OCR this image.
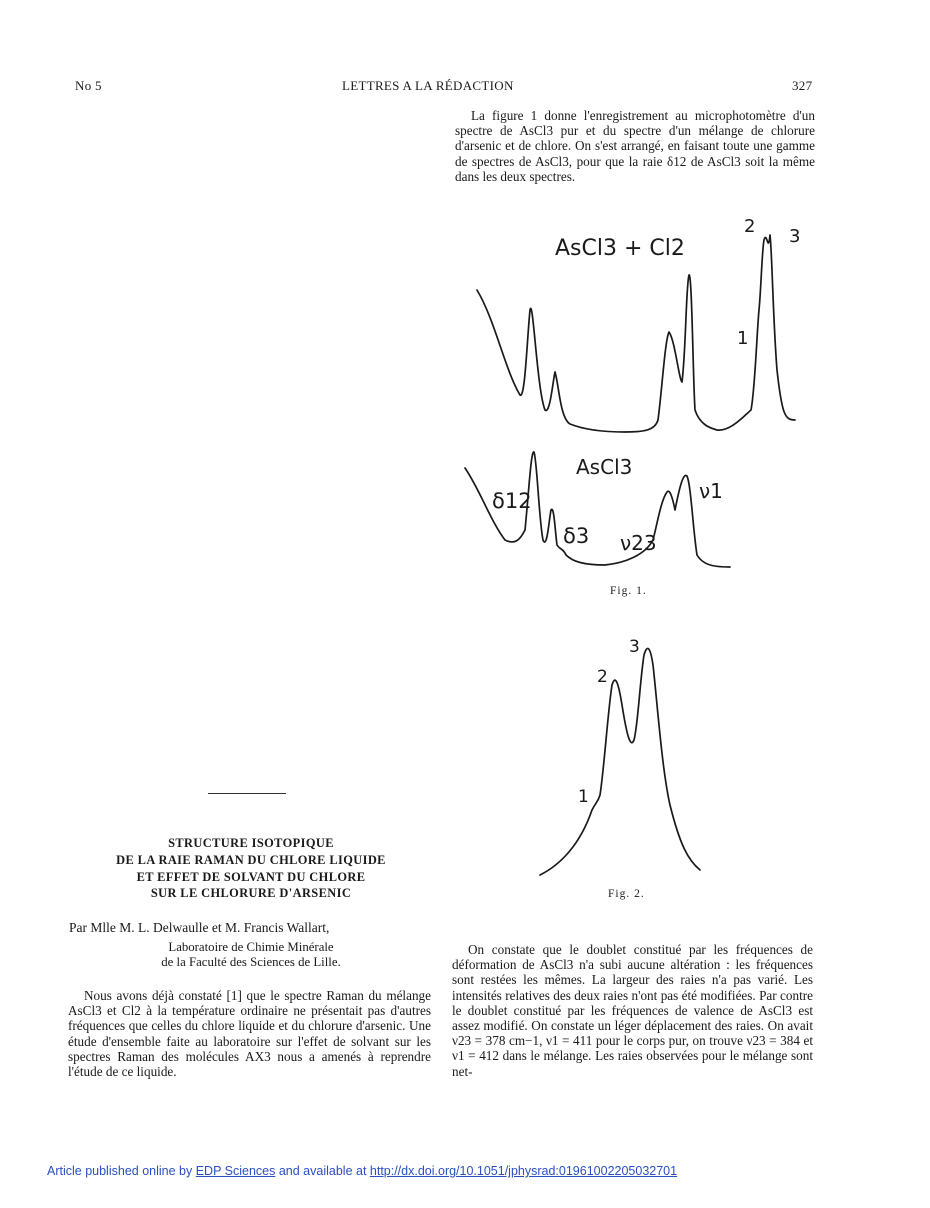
No 5	LETTRES A LA RÉDACTION	327
La figure 1 donne l'enregistrement au microphotomètre d'un spectre de AsCl3 pur et du spectre d'un mélange de chlorure d'arsenic et de chlore. On s'est arrangé, en faisant toute une gamme de spectres de AsCl3, pour que la raie δ12 de AsCl3 soit la même dans les deux spectres.
AsCl3 + Cl2
2 3
1
AsCl3
δ12
δ3 ν23
ν1
Fig. 1.
1
2
3
Fig. 2.
STRUCTURE ISOTOPIQUE
DE LA RAIE RAMAN DU CHLORE LIQUIDE
ET EFFET DE SOLVANT DU CHLORE
SUR LE CHLORURE D'ARSENIC
Par Mlle M. L. Delwaulle et M. Francis Wallart,
Laboratoire de Chimie Minérale
de la Faculté des Sciences de Lille.
Nous avons déjà constaté [1] que le spectre Raman du mélange AsCl3 et Cl2 à la température ordinaire ne présentait pas d'autres fréquences que celles du chlore liquide et du chlorure d'arsenic. Une étude d'ensemble faite au laboratoire sur l'effet de solvant sur les spectres Raman des molécules AX3 nous a amenés à reprendre l'étude de ce liquide.
On constate que le doublet constitué par les fréquences de déformation de AsCl3 n'a subi aucune altération : les fréquences sont restées les mêmes. La largeur des raies n'a pas varié. Les intensités relatives des deux raies n'ont pas été modifiées. Par contre le doublet constitué par les fréquences de valence de AsCl3 est assez modifié. On constate un léger déplacement des raies. On avait ν23 = 378 cm−1, ν1 = 411 pour le corps pur, on trouve ν23 = 384 et ν1 = 412 dans le mélange. Les raies observées pour le mélange sont net-
Article published online by EDP Sciences and available at http://dx.doi.org/10.1051/jphysrad:01961002205032701
